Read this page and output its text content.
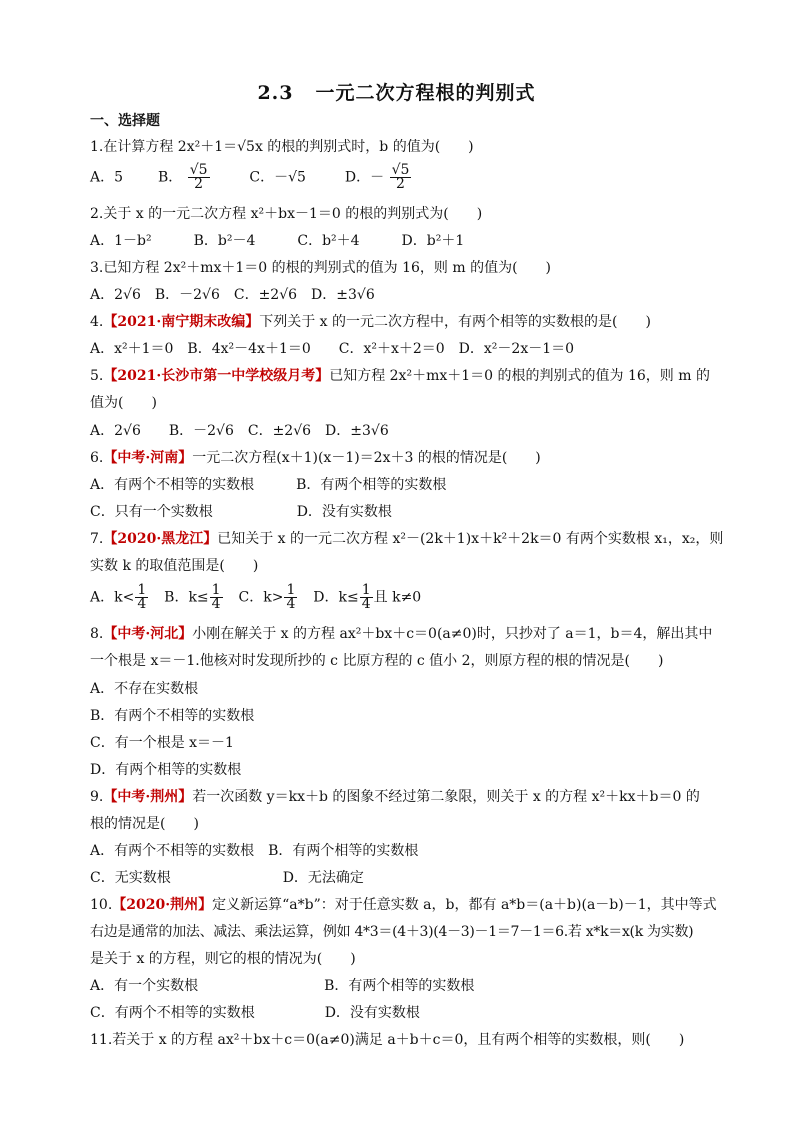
2.3 一元二次方程根的判别式
一、选择题
1.在计算方程 2x²＋1＝√5x 的根的判别式时，b 的值为(　　)
A．5 B． $\frac{√5}{2}$	C．－√5	D．－ $\frac{√5}{2}$
2.关于 x 的一元二次方程 x²＋bx－1＝0 的根的判别式为(　　)
A．1－b²　　　B．b²－4　　　C．b²＋4　　　D．b²＋1
3.已知方程 2x²＋mx＋1＝0 的根的判别式的值为 16，则 m 的值为(　　)
A．2√6　B．－2√6　C．±2√6　D．±3√6
4.【2021·南宁期末改编】下列关于 x 的一元二次方程中，有两个相等的实数根的是(　　)
A．x²＋1＝0　B．4x²－4x＋1＝0　　C．x²＋x＋2＝0　D．x²－2x－1＝0
5.【2021·长沙市第一中学校级月考】已知方程 2x²＋mx＋1＝0 的根的判别式的值为 16，则 m 的
值为(　　)
A．2√6　　B．－2√6　C．±2√6　D．±3√6
6.【中考·河南】一元二次方程(x＋1)(x－1)＝2x＋3 的根的情况是(　　)
A．有两个不相等的实数根　　　B．有两个相等的实数根
C．只有一个实数根　　　　　　D．没有实数根
7.【2020·黑龙江】已知关于 x 的一元二次方程 x²－(2k＋1)x＋k²＋2k＝0 有两个实数根 x₁，x₂，则
实数 k 的取值范围是(　　)
A．$k< \frac{1}{4}$ B．$k\le \frac{1}{4}$ C．$k> \frac{1}{4}$ D．$k\le \frac{1}{4}$ 且 k≠0
8.【中考·河北】小刚在解关于 x 的方程 ax²＋bx＋c＝0(a≠0)时，只抄对了 a＝1，b＝4，解出其中
一个根是 x＝－1.他核对时发现所抄的 c 比原方程的 c 值小 2，则原方程的根的情况是(　　)
A．不存在实数根
B．有两个不相等的实数根
C．有一个根是 x＝－1
D．有两个相等的实数根
9.【中考·荆州】若一次函数 y＝kx＋b 的图象不经过第二象限，则关于 x 的方程 x²＋kx＋b＝0 的
根的情况是(　　)
A．有两个不相等的实数根　B．有两个相等的实数根
C．无实数根　　　　　　　　D．无法确定
10.【2020·荆州】定义新运算“a*b”：对于任意实数 a，b，都有 a*b＝(a＋b)(a－b)－1，其中等式
右边是通常的加法、减法、乘法运算，例如 4*3＝(4＋3)(4－3)－1＝7－1＝6.若 x*k＝x(k 为实数)
是关于 x 的方程，则它的根的情况为(　　)
A．有一个实数根　　　　　　　　　B．有两个相等的实数根
C．有两个不相等的实数根　　　　　D．没有实数根
11.若关于 x 的方程 ax²＋bx＋c＝0(a≠0)满足 a＋b＋c＝0，且有两个相等的实数根，则(　　)
